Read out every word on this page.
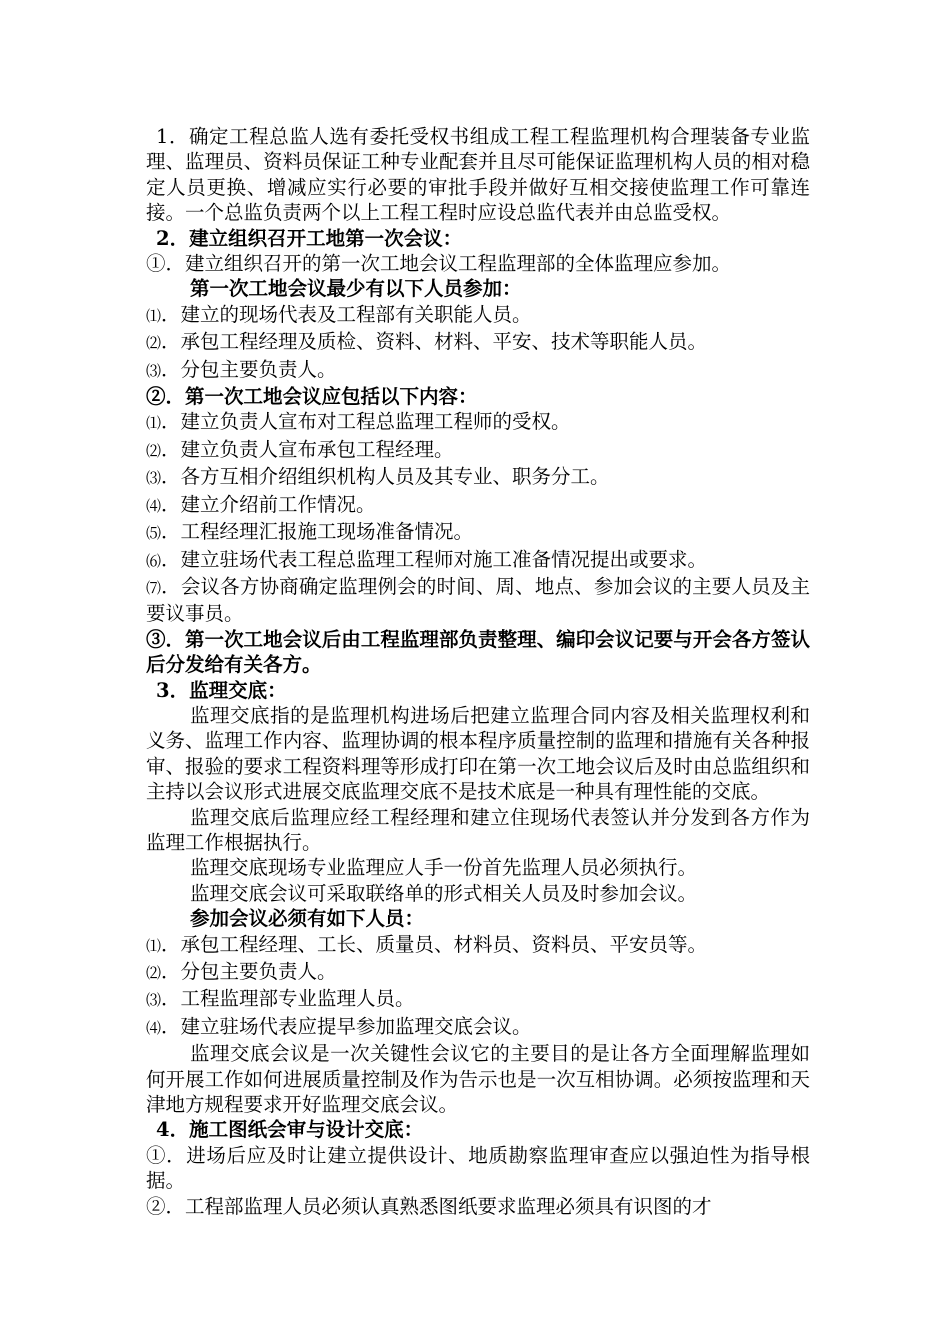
1．确定工程总监人选有委托受权书组成工程工程监理机构合理装备专业监理、监理员、资料员保证工种专业配套并且尽可能保证监理机构人员的相对稳定人员更换、增减应实行必要的审批手段并做好互相交接使监理工作可靠连接。一个总监负责两个以上工程工程时应设总监代表并由总监受权。

2．建立组织召开工地第一次会议：

①．建立组织召开的第一次工地会议工程监理部的全体监理应参加。

第一次工地会议最少有以下人员参加：

⑴．建立的现场代表及工程部有关职能人员。

⑵．承包工程经理及质检、资料、材料、平安、技术等职能人员。

⑶．分包主要负责人。

②．第一次工地会议应包括以下内容：

⑴．建立负责人宣布对工程总监理工程师的受权。

⑵．建立负责人宣布承包工程经理。

⑶．各方互相介绍组织机构人员及其专业、职务分工。

⑷．建立介绍前工作情况。

⑸．工程经理汇报施工现场准备情况。

⑹．建立驻场代表工程总监理工程师对施工准备情况提出或要求。

⑺．会议各方协商确定监理例会的时间、周、地点、参加会议的主要人员及主要议事员。

③．第一次工地会议后由工程监理部负责整理、编印会议记要与开会各方签认后分发给有关各方。

3．监理交底：

监理交底指的是监理机构进场后把建立监理合同内容及相关监理权利和义务、监理工作内容、监理协调的根本程序质量控制的监理和措施有关各种报审、报验的要求工程资料理等形成打印在第一次工地会议后及时由总监组织和主持以会议形式进展交底监理交底不是技术底是一种具有理性能的交底。

监理交底后监理应经工程经理和建立住现场代表签认并分发到各方作为监理工作根据执行。

监理交底现场专业监理应人手一份首先监理人员必须执行。

监理交底会议可采取联络单的形式相关人员及时参加会议。

参加会议必须有如下人员：

⑴．承包工程经理、工长、质量员、材料员、资料员、平安员等。

⑵．分包主要负责人。

⑶．工程监理部专业监理人员。

⑷．建立驻场代表应提早参加监理交底会议。

监理交底会议是一次关键性会议它的主要目的是让各方全面理解监理如何开展工作如何进展质量控制及作为告示也是一次互相协调。必须按监理和天津地方规程要求开好监理交底会议。

4．施工图纸会审与设计交底：

①．进场后应及时让建立提供设计、地质勘察监理审查应以强迫性为指导根据。

②．工程部监理人员必须认真熟悉图纸要求监理必须具有识图的才
